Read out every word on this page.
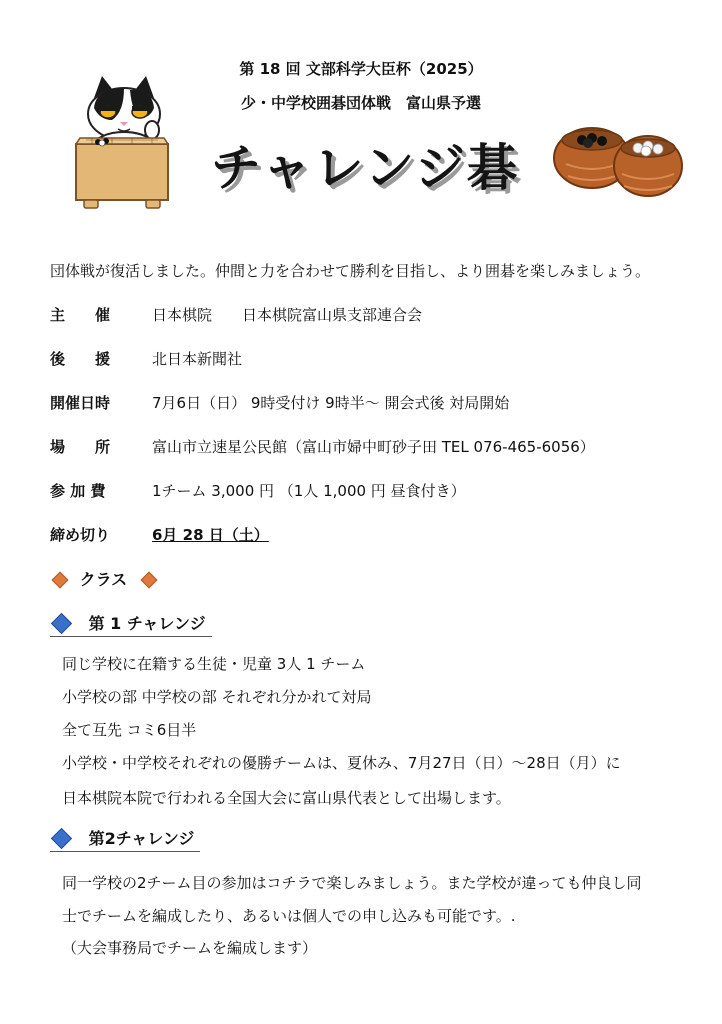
第 18 回 文部科学大臣杯（2025）
少・中学校囲碁団体戦　富山県予選
チャレンジ碁
団体戦が復活しました。仲間と力を合わせて勝利を目指し、より囲碁を楽しみましょう。
主　　催	日本棋院　　日本棋院富山県支部連合会
後　　援	北日本新聞社
開催日時	7月6日（日） 9時受付け 9時半～ 開会式後 対局開始
場　　所	富山市立速星公民館（富山市婦中町砂子田 TEL 076-465-6056）
参 加 費	1チーム 3,000 円 （1人 1,000 円 昼食付き）
締め切り	6月 28 日（土）
クラス
第 1 チャレンジ
同じ学校に在籍する生徒・児童 3人 1 チーム
小学校の部 中学校の部 それぞれ分かれて対局
全て互先 コミ6目半
小学校・中学校それぞれの優勝チームは、夏休み、7月27日（日）～28日（月）に
日本棋院本院で行われる全国大会に富山県代表として出場します。
第2チャレンジ
同一学校の2チーム目の参加はコチラで楽しみましょう。また学校が違っても仲良し同
士でチームを編成したり、あるいは個人での申し込みも可能です。.
（大会事務局でチームを編成します）
